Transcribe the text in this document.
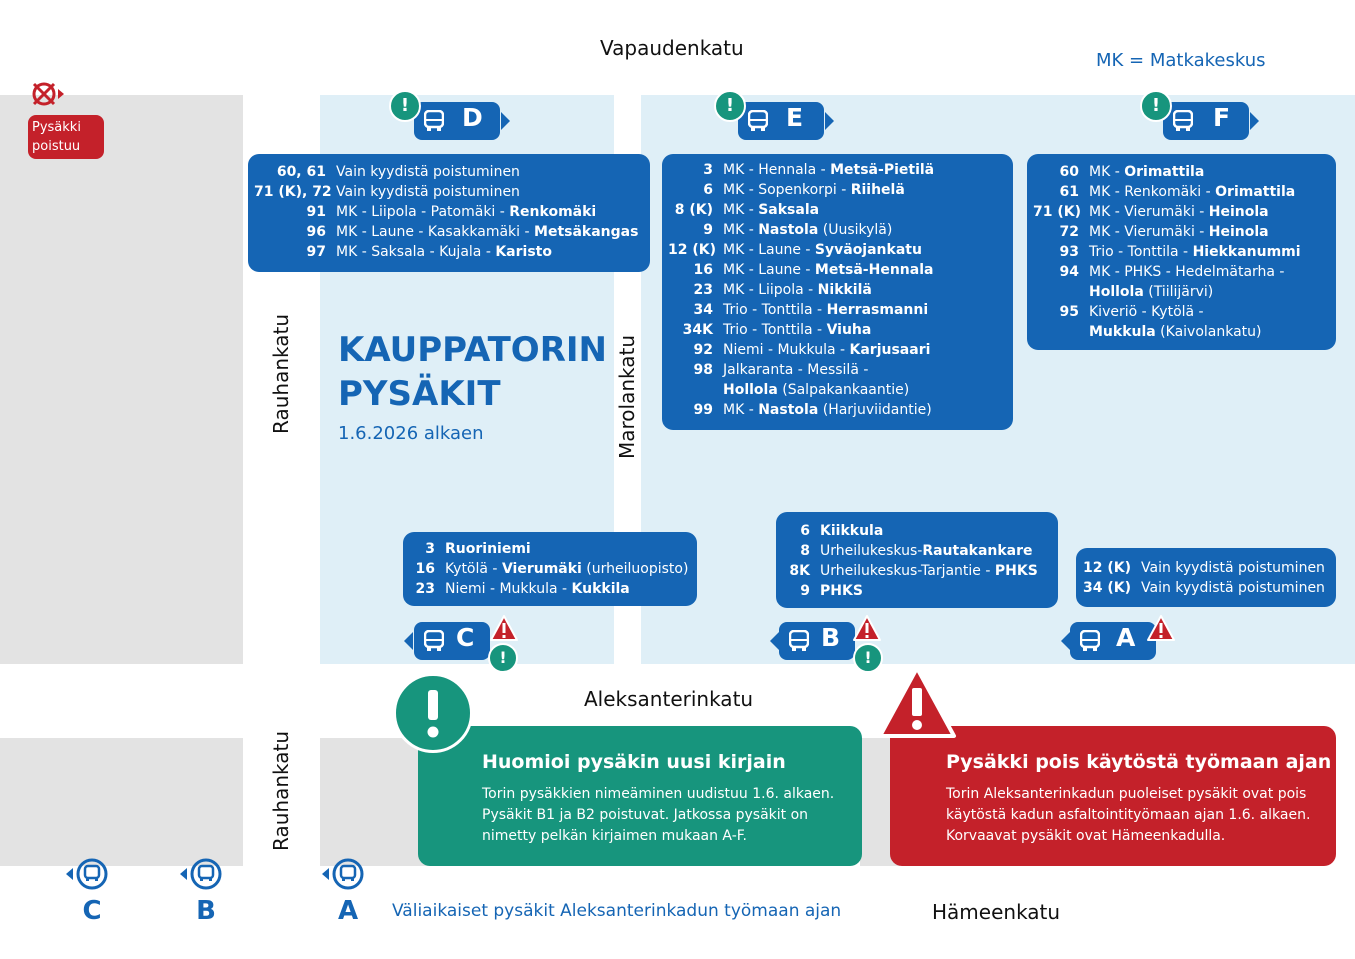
Vapaudenkatu
Aleksanterinkatu
Hämeenkatu
Rauhankatu
Rauhankatu
Marolankatu
MK = Matkakeskus
Pysäkki poistuu
KAUPPATORIN
PYSÄKIT
1.6.2026 alkaen
60, 61 Vain kyydistä poistuminen
71 (K), 72 Vain kyydistä poistuminen
91 MK - Liipola - Patomäki - Renkomäki
96 MK - Laune - Kasakkamäki - Metsäkangas
97 MK - Saksala - Kujala - Karisto
3 MK - Hennala - Metsä-Pietilä
6 MK - Sopenkorpi - Riihelä
8 (K) MK - Saksala
9 MK - Nastola (Uusikylä)
12 (K) MK - Laune - Syväojankatu
16 MK - Laune - Metsä-Hennala
23 MK - Liipola - Nikkilä
34 Trio - Tonttila - Herrasmanni
34K Trio - Tonttila - Viuha
92 Niemi - Mukkula - Karjusaari
98 Jalkaranta - Messilä -
Hollola (Salpakankaantie)
99 MK - Nastola (Harjuviidantie)
60 MK - Orimattila
61 MK - Renkomäki - Orimattila
71 (K) MK - Vierumäki - Heinola
72 MK - Vierumäki - Heinola
93 Trio - Tonttila - Hiekkanummi
94 MK - PHKS - Hedelmätarha -
Hollola (Tiilijärvi)
95 Kiveriö - Kytölä -
Mukkula (Kaivolankatu)
3 Ruoriniemi
16 Kytölä - Vierumäki (urheiluopisto)
23 Niemi - Mukkula - Kukkila
6 Kiikkula
8 Urheilukeskus-Rautakankare
8K Urheilukeskus-Tarjantie - PHKS
9 PHKS
12 (K) Vain kyydistä poistuminen
34 (K) Vain kyydistä poistuminen
D
!	E
!	F
!
C
!
B
!
A
Huomioi pysäkin uusi kirjain
Torin pysäkkien nimeäminen uudistuu 1.6. alkaen. Pysäkit B1 ja B2 poistuvat. Jatkossa pysäkit on nimetty pelkän kirjaimen mukaan A-F.
Pysäkki pois käytöstä työmaan ajan
Torin Aleksanterinkadun puoleiset pysäkit ovat pois käytöstä kadun asfaltointityömaan ajan 1.6. alkaen. Korvaavat pysäkit ovat Hämeenkadulla.
C	B	A	Väliaikaiset pysäkit Aleksanterinkadun työmaan ajan
